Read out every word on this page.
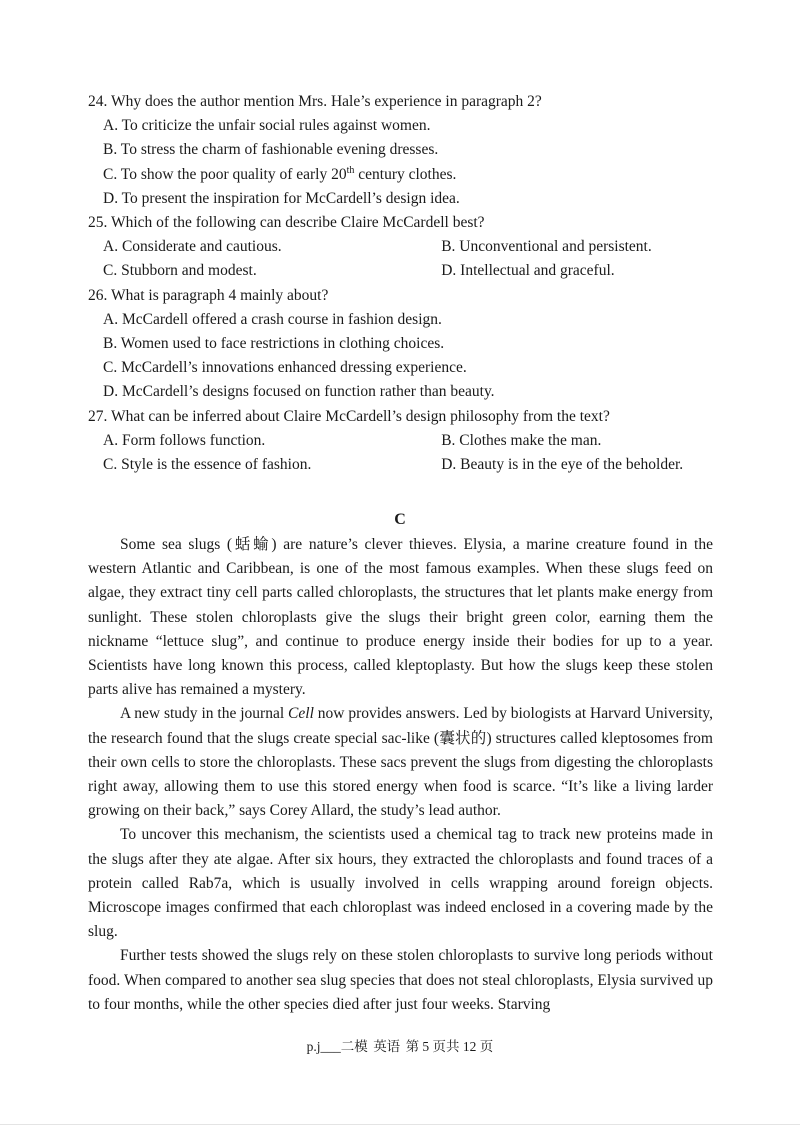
24. Why does the author mention Mrs. Hale’s experience in paragraph 2?

A. To criticize the unfair social rules against women.

B. To stress the charm of fashionable evening dresses.

C. To show the poor quality of early 20th century clothes.

D. To present the inspiration for McCardell’s design idea.

25. Which of the following can describe Claire McCardell best?

A. Considerate and cautious.	B. Unconventional and persistent.
C. Stubborn and modest.	D. Intellectual and graceful.

26. What is paragraph 4 mainly about?

A. McCardell offered a crash course in fashion design.

B. Women used to face restrictions in clothing choices.

C. McCardell’s innovations enhanced dressing experience.

D. McCardell’s designs focused on function rather than beauty.

27. What can be inferred about Claire McCardell’s design philosophy from the text?

A. Form follows function.	B. Clothes make the man.
C. Style is the essence of fashion.	D. Beauty is in the eye of the beholder.
C

Some sea slugs (蛞蝓) are nature’s clever thieves. Elysia, a marine creature found in the western Atlantic and Caribbean, is one of the most famous examples. When these slugs feed on algae, they extract tiny cell parts called chloroplasts, the structures that let plants make energy from sunlight. These stolen chloroplasts give the slugs their bright green color, earning them the nickname “lettuce slug”, and continue to produce energy inside their bodies for up to a year. Scientists have long known this process, called kleptoplasty. But how the slugs keep these stolen parts alive has remained a mystery.

A new study in the journal Cell now provides answers. Led by biologists at Harvard University, the research found that the slugs create special sac-like (囊状的) structures called kleptosomes from their own cells to store the chloroplasts. These sacs prevent the slugs from digesting the chloroplasts right away, allowing them to use this stored energy when food is scarce. “It’s like a living larder growing on their back,” says Corey Allard, the study’s lead author.

To uncover this mechanism, the scientists used a chemical tag to track new proteins made in the slugs after they ate algae. After six hours, they extracted the chloroplasts and found traces of a protein called Rab7a, which is usually involved in cells wrapping around foreign objects. Microscope images confirmed that each chloroplast was indeed enclosed in a covering made by the slug.

Further tests showed the slugs rely on these stolen chloroplasts to survive long periods without food. When compared to another sea slug species that does not steal chloroplasts, Elysia survived up to four months, while the other species died after just four weeks. Starving

p.j___二模 英语 第 5 页共 12 页
